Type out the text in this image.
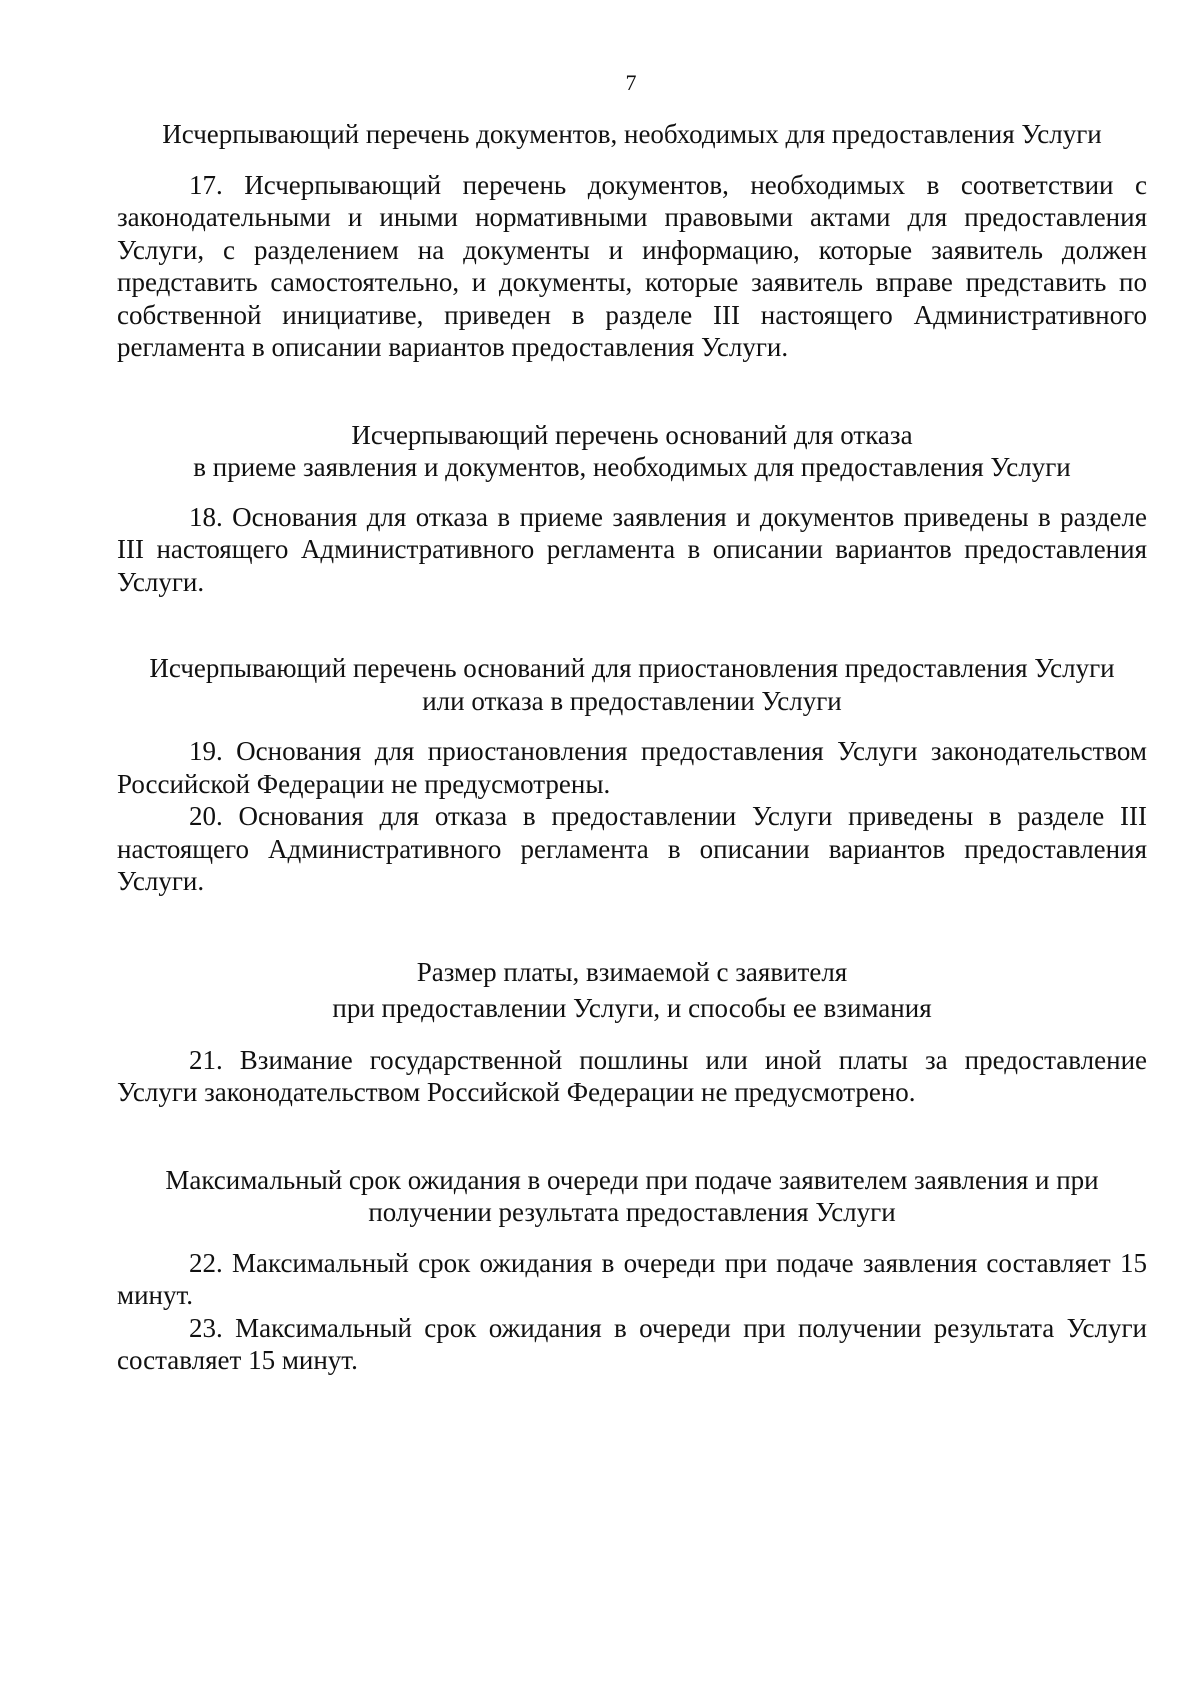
7
Исчерпывающий перечень документов, необходимых для предоставления Услуги

17. Исчерпывающий перечень документов, необходимых в соответствии с законодательными и иными нормативными правовыми актами для предоставления Услуги, с разделением на документы и информацию, которые заявитель должен представить самостоятельно, и документы, которые заявитель вправе представить по собственной инициативе, приведен в разделе III настоящего Административного регламента в описании вариантов предоставления Услуги.

Исчерпывающий перечень оснований для отказа
в приеме заявления и документов, необходимых для предоставления Услуги

18. Основания для отказа в приеме заявления и документов приведены в разделе III настоящего Административного регламента в описании вариантов предоставления Услуги.

Исчерпывающий перечень оснований для приостановления предоставления Услуги
или отказа в предоставлении Услуги

19. Основания для приостановления предоставления Услуги законодательством Российской Федерации не предусмотрены.

20. Основания для отказа в предоставлении Услуги приведены в разделе III настоящего Административного регламента в описании вариантов предоставления Услуги.

Размер платы, взимаемой с заявителя
при предоставлении Услуги, и способы ее взимания

21. Взимание государственной пошлины или иной платы за предоставление Услуги законодательством Российской Федерации не предусмотрено.

Максимальный срок ожидания в очереди при подаче заявителем заявления и при
получении результата предоставления Услуги

22. Максимальный срок ожидания в очереди при подаче заявления составляет 15 минут.

23. Максимальный срок ожидания в очереди при получении результата Услуги составляет 15 минут.
